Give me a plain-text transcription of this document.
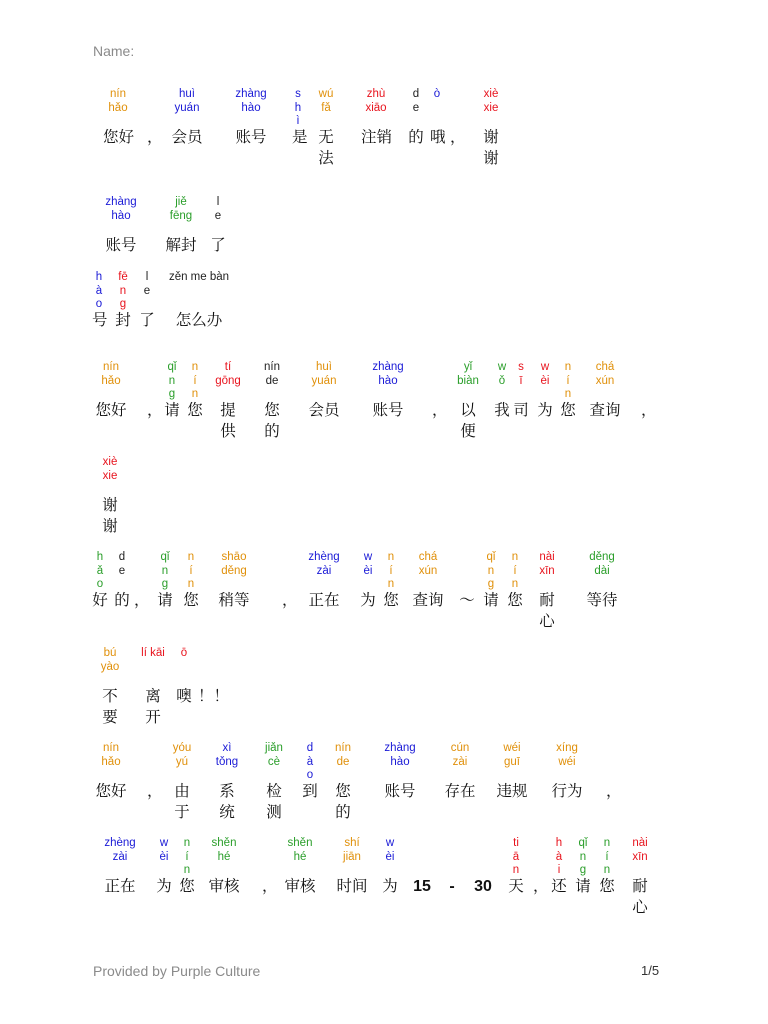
Name:
nín
hǎo
您好 ，
huì
yuán
会员
zhàng
hào
账号
s
h
ì
是
wú
fǎ
无
法
zhù
xiāo
注销
d
e
的
ò

哦 ，
xiè
xie
谢
谢
zhàng
hào
账号
jiě
fēng
解封
l
e
了
h
à
o
号
fē
n
g
封
l
e
了
zěn me bàn

怎么办
nín
hǎo
您好 ，
qǐ
n
g
请
n
í
n
您
tí
gōng
提
供
nín
de
您
的
huì
yuán
会员
zhàng
hào
账号 ，
yǐ
biàn
以
便
w
ǒ
我
s
ī
司
w
èi
为
n
í
n
您
chá
xún
查询 ，
xiè
xie
谢
谢
h
ǎ
o
好
d
e
的 ，
qǐ
n
g
请
n
í
n
您
shāo
děng
稍等 ，
zhèng
zài
正在
w
èi
为
n
í
n
您
chá
xún
查询 ～
qǐ
n
g
请
n
í
n
您
nài
xīn
耐
心
děng
dài
等待
bú
yào
不
要
lí kāi

离
开
ō

噢 ！！
nín
hǎo
您好 ，
yóu
yú
由
于
xì
tǒng
系
统
jiǎn
cè
检
测
d
à
o
到
nín
de
您
的
zhàng
hào
账号
cún
zài
存在
wéi
guī
违规
xíng
wéi
行为 ，
zhèng
zài
正在
w
èi
为
n
í
n
您
shěn
hé
审核 ，
shěn
hé
审核
shí
jiān
时间
w
èi
为 15	-	30
ti
ā
n
天 ，
h
à
i
还
qǐ
n
g
请
n
í
n
您
nài
xīn
耐
心
Provided by Purple Culture	1/5
